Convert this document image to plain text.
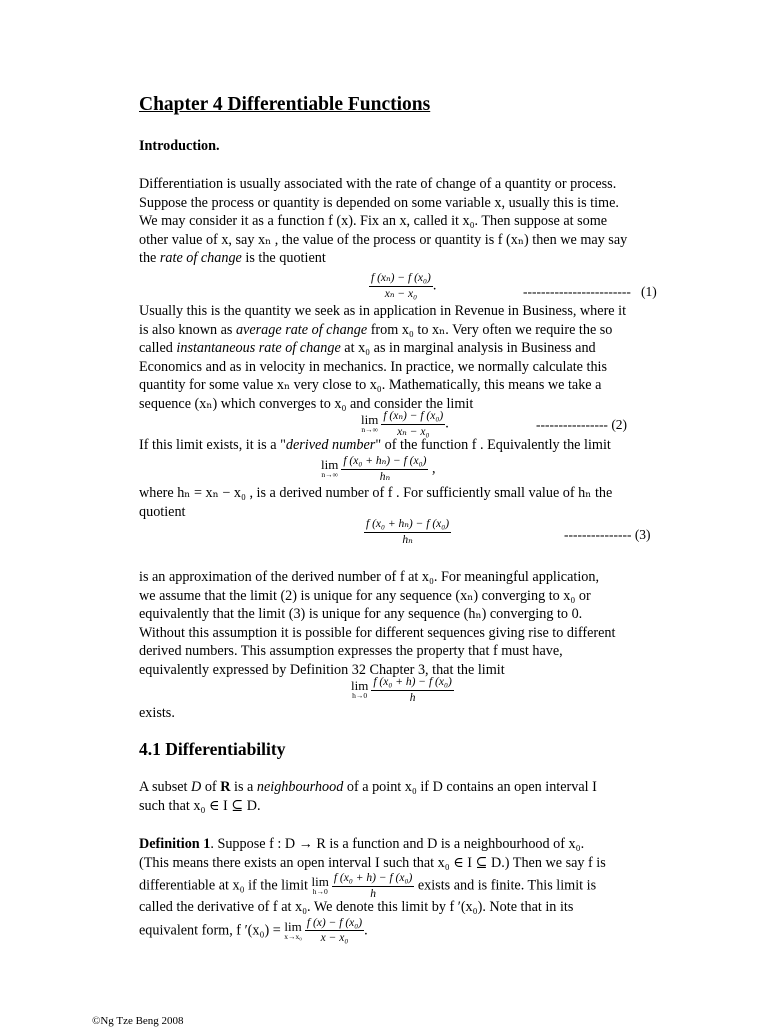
Chapter 4 Differentiable Functions
Introduction.
Differentiation is usually associated with the rate of change of a quantity or process.
Suppose the process or quantity is depended on some variable x, usually this is time.
We may consider it as a function f (x). Fix an x, called it x₀. Then suppose at some
other value of x, say xₙ , the value of the process or quantity is f (xₙ) then we may say
the rate of change is the quotient
$\frac{\text{f (xₙ) − f (x₀)}}{\text{xₙ − x₀}}$ .	------------------------ (1)
Usually this is the quantity we seek as in application in Revenue in Business, where it
is also known as average rate of change from x₀ to xₙ. Very often we require the so
called instantaneous rate of change at x₀ as in marginal analysis in Business and
Economics and as in velocity in mechanics. In practice, we normally calculate this
quantity for some value xₙ very close to x₀. Mathematically, this means we take a
sequence (xₙ) which converges to x₀ and consider the limit
lim
$n\to\infty \frac{\text{f (xₙ) − f (x₀)}}{\text{xₙ − x₀}}$ .	---------------- (2)
If this limit exists, it is a "derived number" of the function f . Equivalently the limit
lim
$n\to\infty \frac{\text{f (x₀ + hₙ) − f (x₀)}}{\text{hₙ}}$ ,
where hₙ = xₙ − x₀ , is a derived number of f . For sufficiently small value of hₙ the
quotient
$\frac{\text{f (x₀ + hₙ) − f (x₀)}}{\text{hₙ}}$	--------------- (3)
is an approximation of the derived number of f at x₀. For meaningful application,
we assume that the limit (2) is unique for any sequence (xₙ) converging to x₀ or
equivalently that the limit (3) is unique for any sequence (hₙ) converging to 0.
Without this assumption it is possible for different sequences giving rise to different
derived numbers. This assumption expresses the property that f must have,
equivalently expressed by Definition 32 Chapter 3, that the limit
lim
$h\to 0 \frac{\text{f (x₀ + h) − f (x₀)}}{h}$
exists.
4.1 Differentiability
A subset D of R is a neighbourhood of a point x₀ if D contains an open interval I
such that x₀ ∈ I ⊆ D.
Definition 1. Suppose f : D → R is a function and D is a neighbourhood of x₀.
(This means there exists an open interval I such that x₀ ∈ I ⊆ D.) Then we say f is
differentiable at x₀ if the limit lim
$h\to 0 \frac{\text{f (x₀ + h) − f (x₀)}}{h}$ exists and is finite. This limit is
called the derivative of f at x₀. We denote this limit by f ′(x₀). Note that in its
equivalent form, f ′(x₀) = lim
$x\to x_0 \frac{\text{f (x) − f (x₀)}}{\text{x − x₀}}$ .
©Ng Tze Beng 2008
